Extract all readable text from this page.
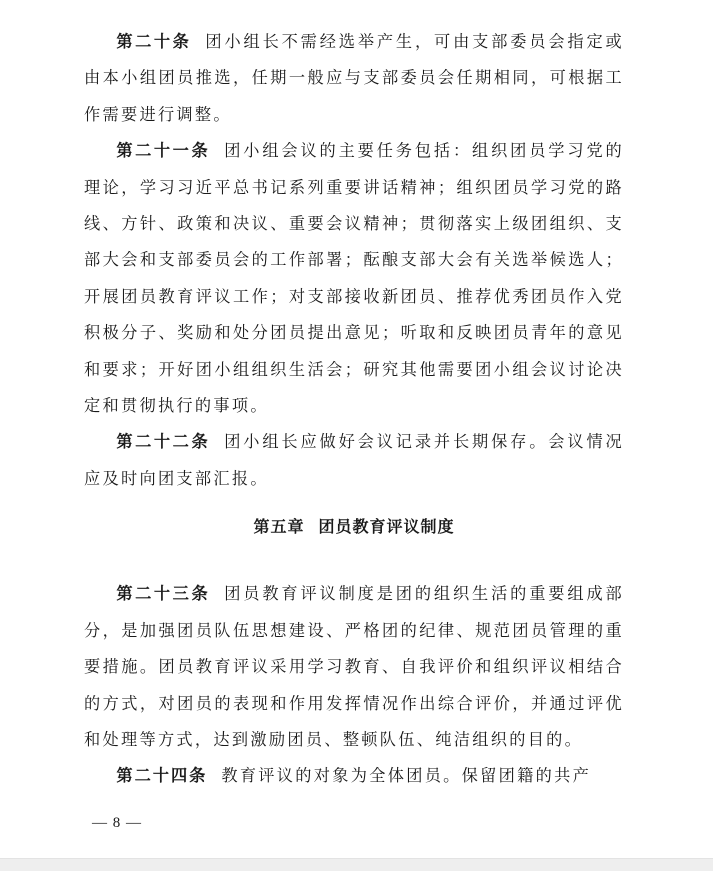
第二十条 团小组长不需经选举产生，可由支部委员会指定或由本小组团员推选，任期一般应与支部委员会任期相同，可根据工作需要进行调整。

第二十一条 团小组会议的主要任务包括：组织团员学习党的理论，学习习近平总书记系列重要讲话精神；组织团员学习党的路线、方针、政策和决议、重要会议精神；贯彻落实上级团组织、支部大会和支部委员会的工作部署；酝酿支部大会有关选举候选人；开展团员教育评议工作；对支部接收新团员、推荐优秀团员作入党积极分子、奖励和处分团员提出意见；听取和反映团员青年的意见和要求；开好团小组组织生活会；研究其他需要团小组会议讨论决定和贯彻执行的事项。

第二十二条 团小组长应做好会议记录并长期保存。会议情况应及时向团支部汇报。

第五章 团员教育评议制度

第二十三条 团员教育评议制度是团的组织生活的重要组成部分，是加强团员队伍思想建设、严格团的纪律、规范团员管理的重要措施。团员教育评议采用学习教育、自我评价和组织评议相结合的方式，对团员的表现和作用发挥情况作出综合评价，并通过评优和处理等方式，达到激励团员、整顿队伍、纯洁组织的目的。

第二十四条 教育评议的对象为全体团员。保留团籍的共产

— 8 —
